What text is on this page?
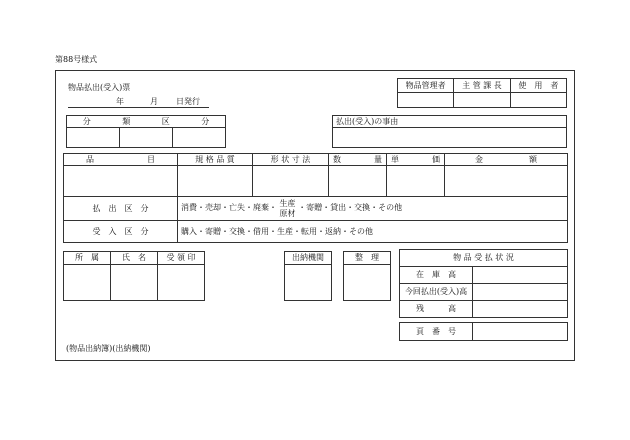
第88号様式
物品払出(受入)票
年	月 日発行
物品管理者	主 管 課 長	使　用　者

分	類	区	分

			払出(受入)の事由

品 目	規 格 品 質	形 状 寸 法	数 量	単 価	金 額

払　出　区　分	消費・売却・亡失・廃棄・ 生産
原材 ・寄贈・貸出・交換・その他				
受　入　区　分	購入・寄贈・交換・借用・生産・転用・返納・その他				
所　属	氏　名	受 領 印
			出納機関	整　理	物 品 受 払 状 況	
在　庫　高	
今回払出(受入)高	
残　　　高	
頁　番　号	
(物品出納簿)(出納機関)
